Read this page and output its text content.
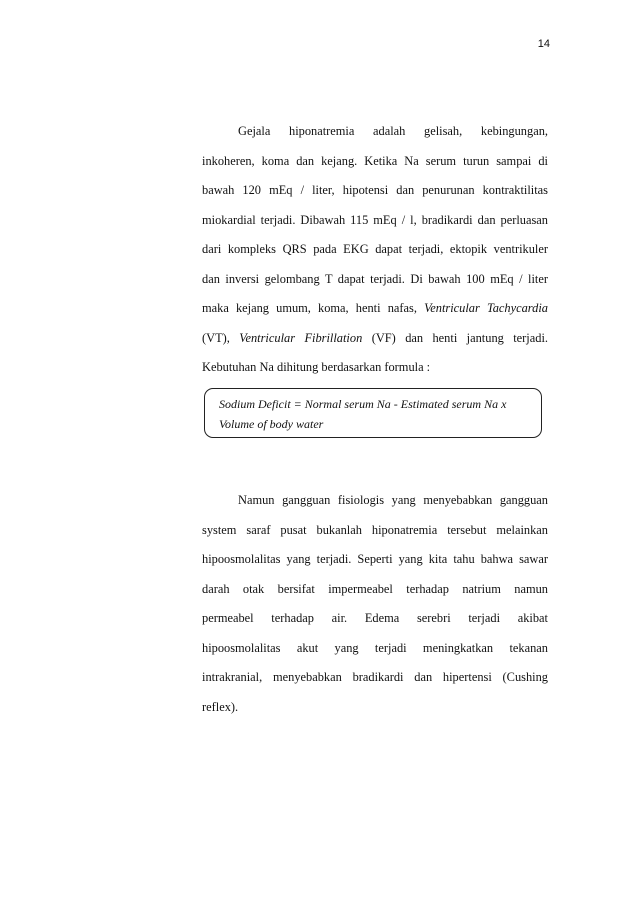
14
Gejala hiponatremia adalah gelisah, kebingungan,
inkoheren, koma dan kejang. Ketika Na serum turun sampai di
bawah 120 mEq / liter, hipotensi dan penurunan kontraktilitas
miokardial terjadi. Dibawah 115 mEq / l, bradikardi dan perluasan
dari kompleks QRS pada EKG dapat terjadi, ektopik ventrikuler
dan inversi gelombang T dapat terjadi. Di bawah 100 mEq / liter
maka kejang umum, koma, henti nafas, Ventricular Tachycardia
(VT), Ventricular Fibrillation (VF) dan henti jantung terjadi.
Kebutuhan Na dihitung berdasarkan formula :
Sodium Deficit = Normal serum Na - Estimated serum Na x
Volume of body water
Namun gangguan fisiologis yang menyebabkan gangguan
system saraf pusat bukanlah hiponatremia tersebut melainkan
hipoosmolalitas yang terjadi. Seperti yang kita tahu bahwa sawar
darah otak bersifat impermeabel terhadap natrium namun
permeabel terhadap air. Edema serebri terjadi akibat
hipoosmolalitas akut yang terjadi meningkatkan tekanan
intrakranial, menyebabkan bradikardi dan hipertensi (Cushing
reflex).
